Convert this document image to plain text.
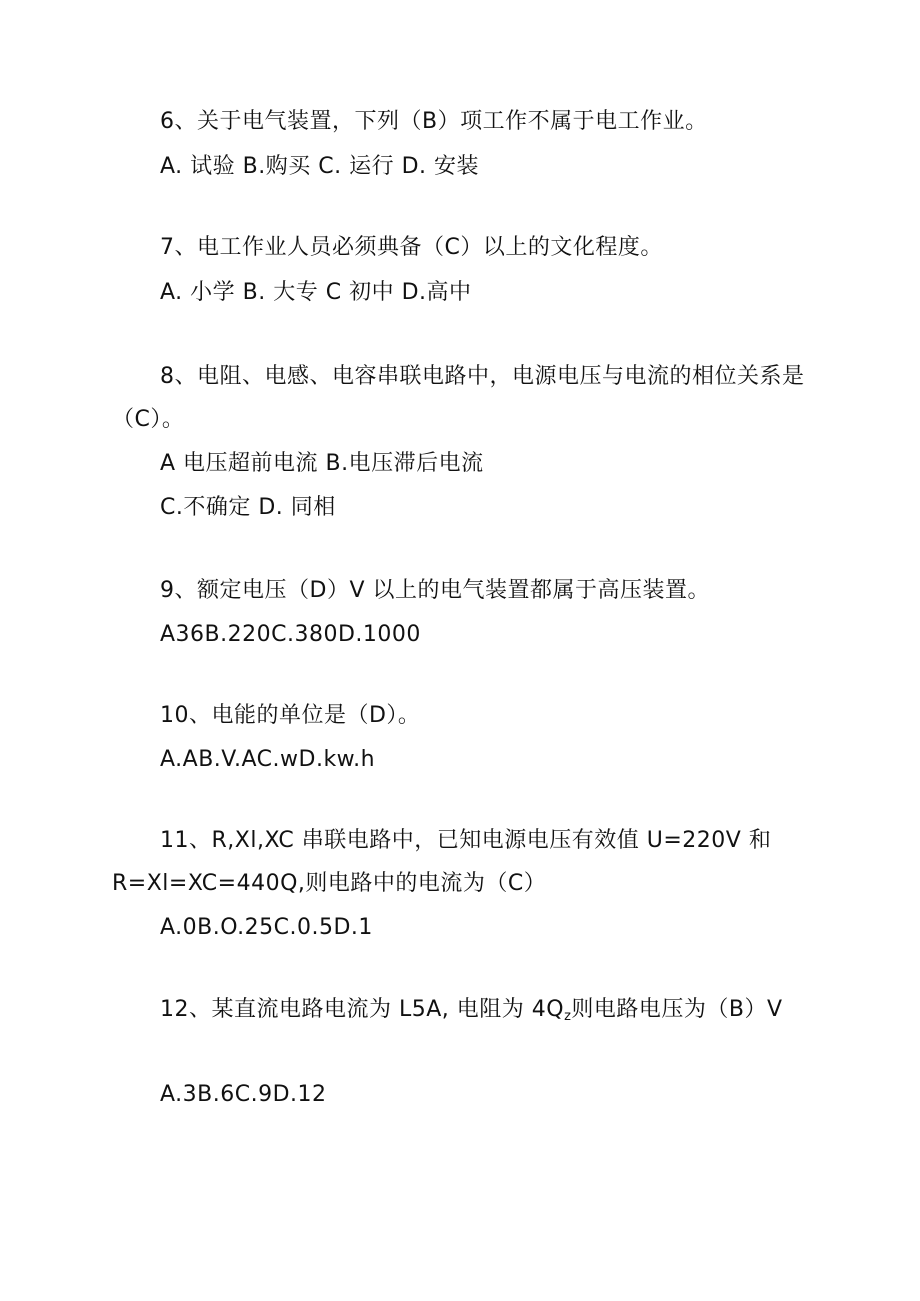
6、关于电气装置，下列（B）项工作不属于电工作业。
A. 试验 B.购买 C. 运行 D. 安装
7、电工作业人员必须典备（C）以上的文化程度。
A. 小学 B. 大专 C 初中 D.高中
8、电阻、电感、电容串联电路中，电源电压与电流的相位关系是
（C）。
A 电压超前电流 B.电压滞后电流
C.不确定 D. 同相
9、额定电压（D）V 以上的电气装置都属于高压装置。
A36B.220C.380D.1000
10、电能的单位是（D）。
A.AB.V.AC.wD.kw.h
11、R,Xl,XC 串联电路中，已知电源电压有效值 U=220V 和
R=Xl=XC=440Q,则电路中的电流为（C）
A.0B.O.25C.0.5D.1
12、某直流电路电流为 L5A, 电阻为 $4Q_z$则电路电压为（B）V
A.3B.6C.9D.12
